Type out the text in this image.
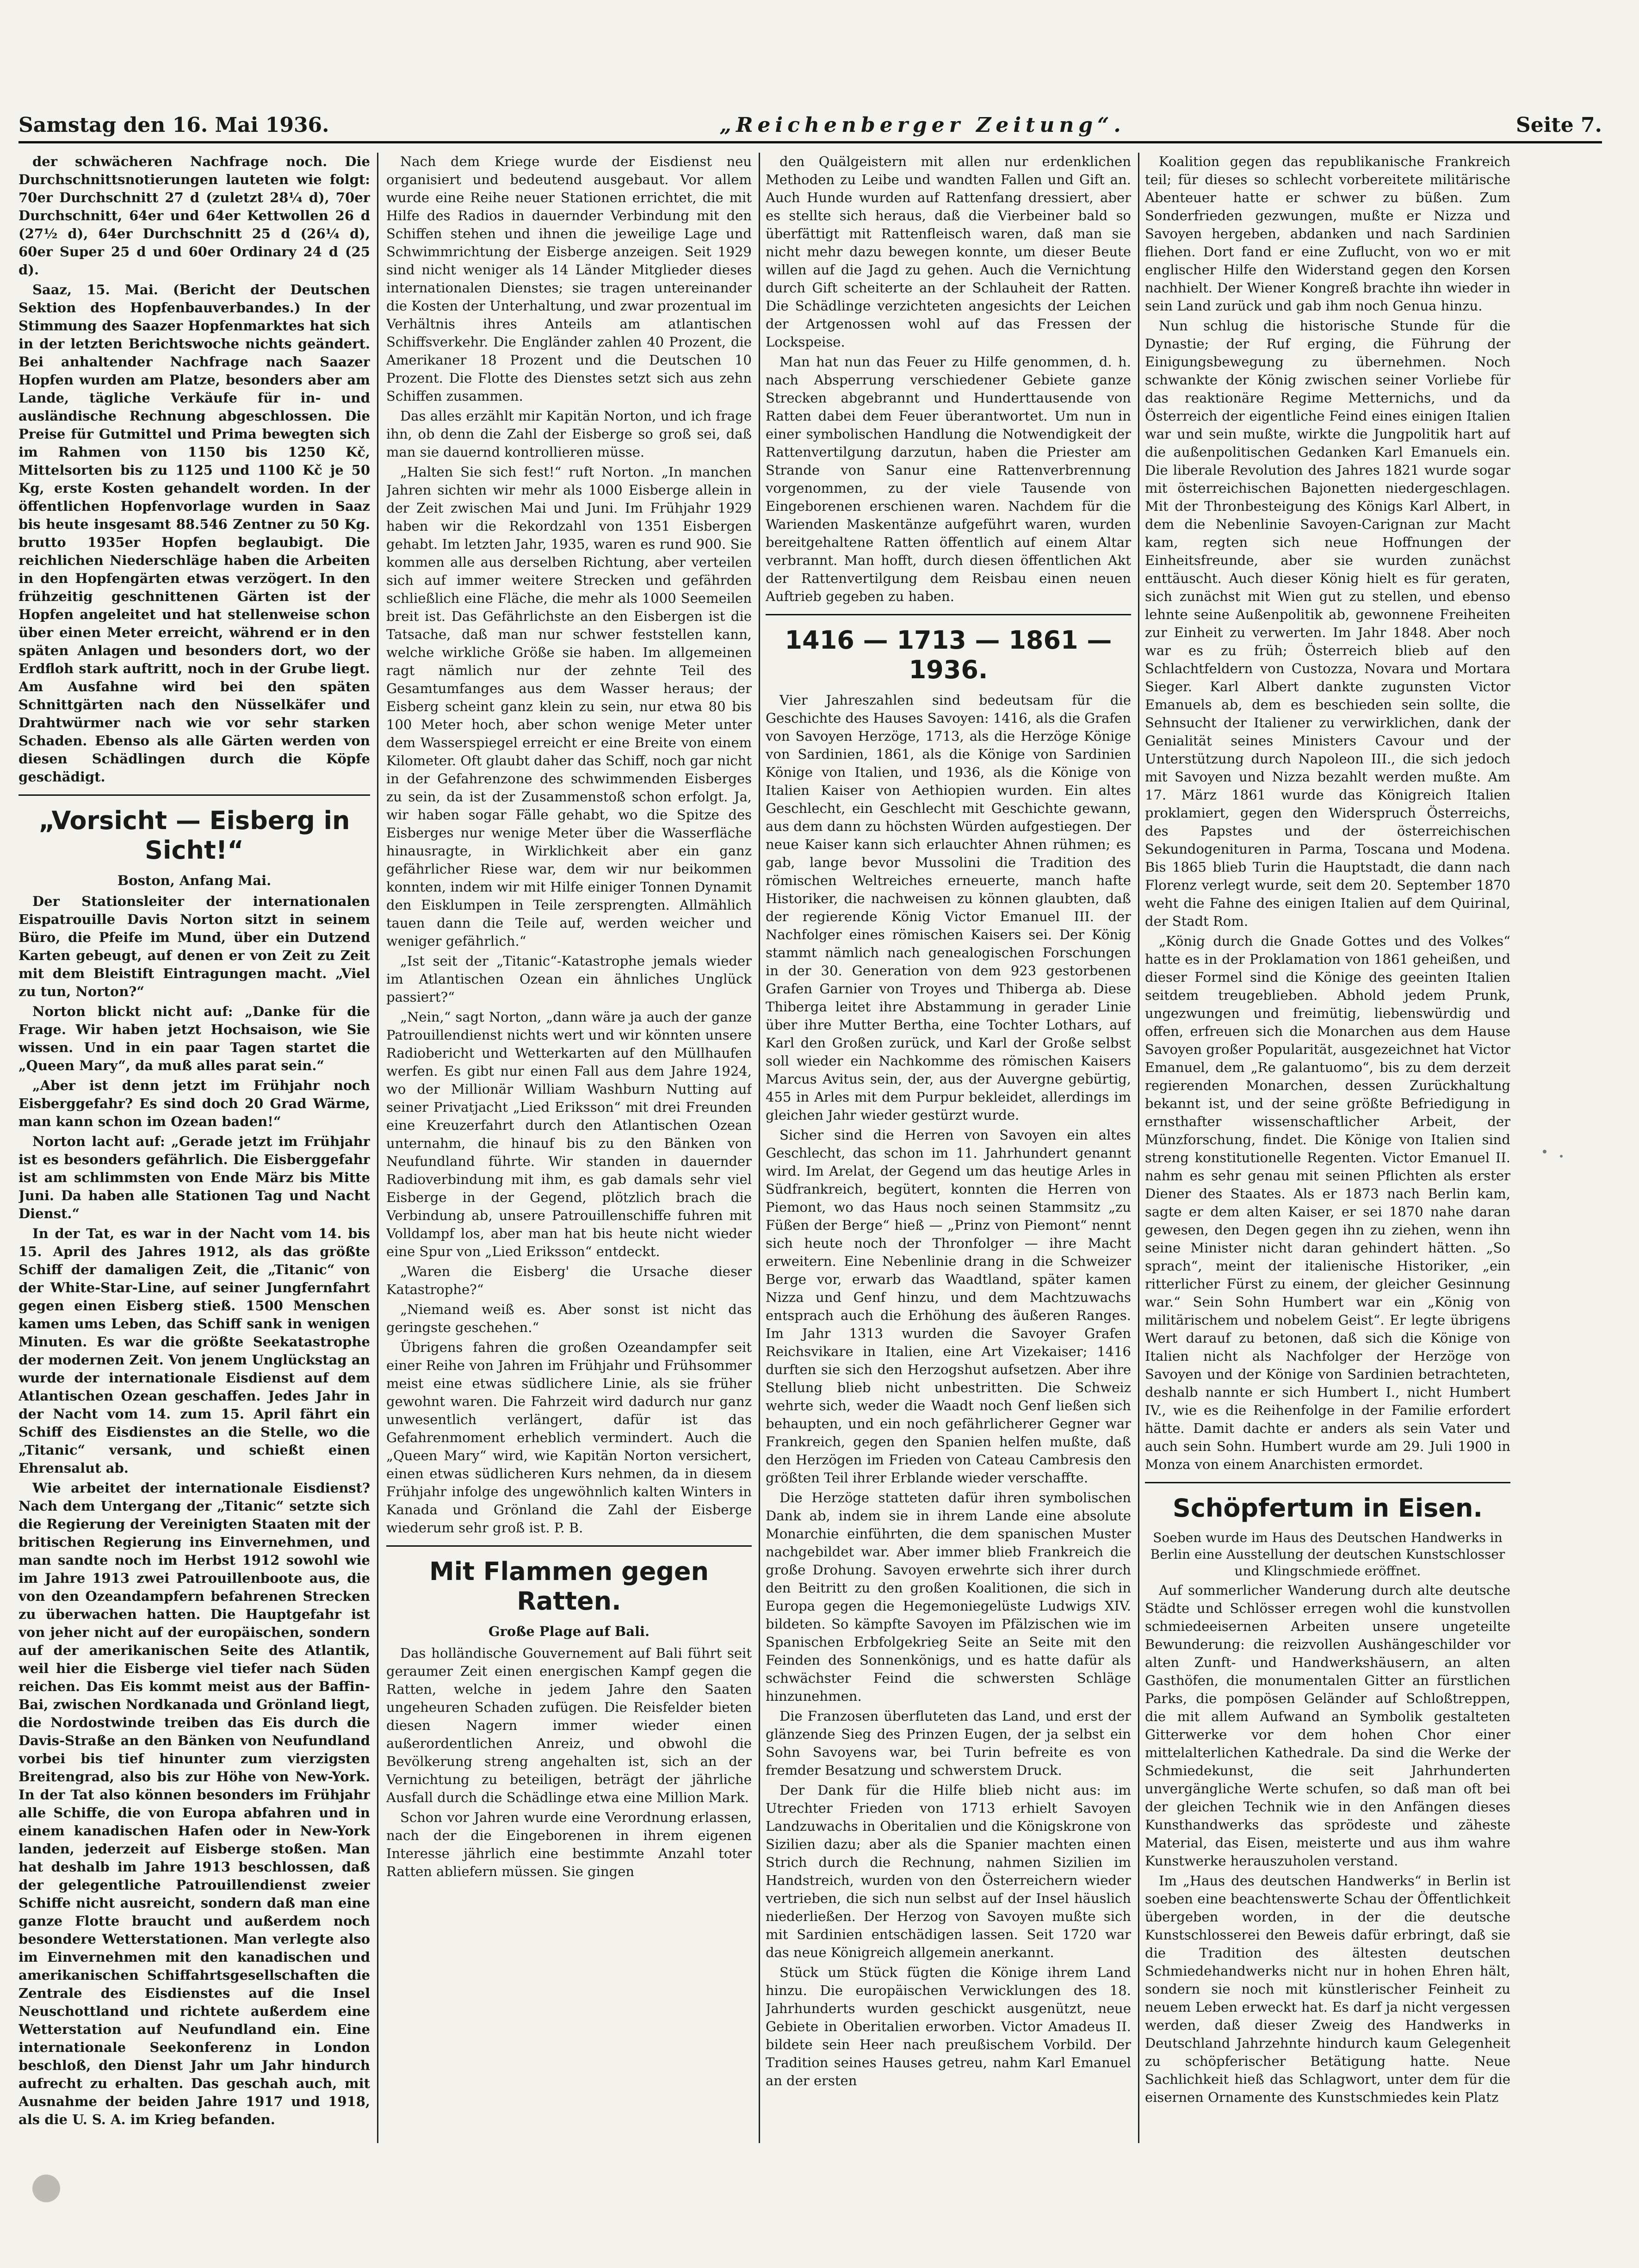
Samstag den 16. Mai 1936.	„Reichenberger Zeitung“.	Seite 7.

der schwächeren Nachfrage noch. Die Durchschnittsnotierungen lauteten wie folgt: 70er Durchschnitt 27 d (zuletzt 28¼ d), 70er Durchschnitt, 64er und 64er Kettwollen 26 d (27½ d), 64er Durchschnitt 25 d (26¼ d), 60er Super 25 d und 60er Ordinary 24 d (25 d).

Saaz, 15. Mai. (Bericht der Deutschen Sektion des Hopfenbauverbandes.) In der Stimmung des Saazer Hopfenmarktes hat sich in der letzten Berichtswoche nichts geändert. Bei anhaltender Nachfrage nach Saazer Hopfen wurden am Platze, besonders aber am Lande, tägliche Verkäufe für in- und ausländische Rechnung abgeschlossen. Die Preise für Gutmittel und Prima bewegten sich im Rahmen von 1150 bis 1250 Kč, Mittelsorten bis zu 1125 und 1100 Kč je 50 Kg, erste Kosten gehandelt worden. In der öffentlichen Hopfenvorlage wurden in Saaz bis heute insgesamt 88.546 Zentner zu 50 Kg. brutto 1935er Hopfen beglaubigt. Die reichlichen Niederschläge haben die Arbeiten in den Hopfengärten etwas verzögert. In den frühzeitig geschnittenen Gärten ist der Hopfen angeleitet und hat stellenweise schon über einen Meter erreicht, während er in den späten Anlagen und besonders dort, wo der Erdfloh stark auftritt, noch in der Grube liegt. Am Ausfahne wird bei den späten Schnittgärten nach den Nüsselkäfer und Drahtwürmer nach wie vor sehr starken Schaden. Ebenso als alle Gärten werden von diesen Schädlingen durch die Köpfe geschädigt.

„Vorsicht — Eisberg in Sicht!“

Boston, Anfang Mai.

Der Stationsleiter der internationalen Eispatrouille Davis Norton sitzt in seinem Büro, die Pfeife im Mund, über ein Dutzend Karten gebeugt, auf denen er von Zeit zu Zeit mit dem Bleistift Eintragungen macht. „Viel zu tun, Norton?“

Norton blickt nicht auf: „Danke für die Frage. Wir haben jetzt Hochsaison, wie Sie wissen. Und in ein paar Tagen startet die „Queen Mary“, da muß alles parat sein.“

„Aber ist denn jetzt im Frühjahr noch Eisberggefahr? Es sind doch 20 Grad Wärme, man kann schon im Ozean baden!“

Norton lacht auf: „Gerade jetzt im Frühjahr ist es besonders gefährlich. Die Eisberggefahr ist am schlimmsten von Ende März bis Mitte Juni. Da haben alle Stationen Tag und Nacht Dienst.“

In der Tat, es war in der Nacht vom 14. bis 15. April des Jahres 1912, als das größte Schiff der damaligen Zeit, die „Titanic“ von der White-Star-Line, auf seiner Jungfernfahrt gegen einen Eisberg stieß. 1500 Menschen kamen ums Leben, das Schiff sank in wenigen Minuten. Es war die größte Seekatastrophe der modernen Zeit. Von jenem Unglückstag an wurde der internationale Eisdienst auf dem Atlantischen Ozean geschaffen. Jedes Jahr in der Nacht vom 14. zum 15. April fährt ein Schiff des Eisdienstes an die Stelle, wo die „Titanic“ versank, und schießt einen Ehrensalut ab.

Wie arbeitet der internationale Eisdienst? Nach dem Untergang der „Titanic“ setzte sich die Regierung der Vereinigten Staaten mit der britischen Regierung ins Einvernehmen, und man sandte noch im Herbst 1912 sowohl wie im Jahre 1913 zwei Patrouillenboote aus, die von den Ozeandampfern befahrenen Strecken zu überwachen hatten. Die Hauptgefahr ist von jeher nicht auf der europäischen, sondern auf der amerikanischen Seite des Atlantik, weil hier die Eisberge viel tiefer nach Süden reichen. Das Eis kommt meist aus der Baffin-Bai, zwischen Nordkanada und Grönland liegt, die Nordostwinde treiben das Eis durch die Davis-Straße an den Bänken von Neufundland vorbei bis tief hinunter zum vierzigsten Breitengrad, also bis zur Höhe von New-York. In der Tat also können besonders im Frühjahr alle Schiffe, die von Europa abfahren und in einem kanadischen Hafen oder in New-York landen, jederzeit auf Eisberge stoßen. Man hat deshalb im Jahre 1913 beschlossen, daß der gelegentliche Patrouillendienst zweier Schiffe nicht ausreicht, sondern daß man eine ganze Flotte braucht und außerdem noch besondere Wetterstationen. Man verlegte also im Einvernehmen mit den kanadischen und amerikanischen Schiffahrtsgesellschaften die Zentrale des Eisdienstes auf die Insel Neuschottland und richtete außerdem eine Wetterstation auf Neufundland ein. Eine internationale Seekonferenz in London beschloß, den Dienst Jahr um Jahr hindurch aufrecht zu erhalten. Das geschah auch, mit Ausnahme der beiden Jahre 1917 und 1918, als die U. S. A. im Krieg befanden.

Nach dem Kriege wurde der Eisdienst neu organisiert und bedeutend ausgebaut. Vor allem wurde eine Reihe neuer Stationen errichtet, die mit Hilfe des Radios in dauernder Verbindung mit den Schiffen stehen und ihnen die jeweilige Lage und Schwimmrichtung der Eisberge anzeigen. Seit 1929 sind nicht weniger als 14 Länder Mitglieder dieses internationalen Dienstes; sie tragen untereinander die Kosten der Unterhaltung, und zwar prozentual im Verhältnis ihres Anteils am atlantischen Schiffsverkehr. Die Engländer zahlen 40 Prozent, die Amerikaner 18 Prozent und die Deutschen 10 Prozent. Die Flotte des Dienstes setzt sich aus zehn Schiffen zusammen.

Das alles erzählt mir Kapitän Norton, und ich frage ihn, ob denn die Zahl der Eisberge so groß sei, daß man sie dauernd kontrollieren müsse.

„Halten Sie sich fest!“ ruft Norton. „In manchen Jahren sichten wir mehr als 1000 Eisberge allein in der Zeit zwischen Mai und Juni. Im Frühjahr 1929 haben wir die Rekordzahl von 1351 Eisbergen gehabt. Im letzten Jahr, 1935, waren es rund 900. Sie kommen alle aus derselben Richtung, aber verteilen sich auf immer weitere Strecken und gefährden schließlich eine Fläche, die mehr als 1000 Seemeilen breit ist. Das Gefährlichste an den Eisbergen ist die Tatsache, daß man nur schwer feststellen kann, welche wirkliche Größe sie haben. Im allgemeinen ragt nämlich nur der zehnte Teil des Gesamtumfanges aus dem Wasser heraus; der Eisberg scheint ganz klein zu sein, nur etwa 80 bis 100 Meter hoch, aber schon wenige Meter unter dem Wasserspiegel erreicht er eine Breite von einem Kilometer. Oft glaubt daher das Schiff, noch gar nicht in der Gefahrenzone des schwimmenden Eisberges zu sein, da ist der Zusammenstoß schon erfolgt. Ja, wir haben sogar Fälle gehabt, wo die Spitze des Eisberges nur wenige Meter über die Wasserfläche hinausragte, in Wirklichkeit aber ein ganz gefährlicher Riese war, dem wir nur beikommen konnten, indem wir mit Hilfe einiger Tonnen Dynamit den Eisklumpen in Teile zersprengten. Allmählich tauen dann die Teile auf, werden weicher und weniger gefährlich.“

„Ist seit der „Titanic“-Katastrophe jemals wieder im Atlantischen Ozean ein ähnliches Unglück passiert?“

„Nein,“ sagt Norton, „dann wäre ja auch der ganze Patrouillendienst nichts wert und wir könnten unsere Radiobericht und Wetterkarten auf den Müllhaufen werfen. Es gibt nur einen Fall aus dem Jahre 1924, wo der Millionär William Washburn Nutting auf seiner Privatjacht „Lied Eriksson“ mit drei Freunden eine Kreuzerfahrt durch den Atlantischen Ozean unternahm, die hinauf bis zu den Bänken von Neufundland führte. Wir standen in dauernder Radioverbindung mit ihm, es gab damals sehr viel Eisberge in der Gegend, plötzlich brach die Verbindung ab, unsere Patrouillenschiffe fuhren mit Volldampf los, aber man hat bis heute nicht wieder eine Spur von „Lied Eriksson“ entdeckt.

„Waren die Eisberg' die Ursache dieser Katastrophe?“

„Niemand weiß es. Aber sonst ist nicht das geringste geschehen.“

Übrigens fahren die großen Ozeandampfer seit einer Reihe von Jahren im Frühjahr und Frühsommer meist eine etwas südlichere Linie, als sie früher gewohnt waren. Die Fahrzeit wird dadurch nur ganz unwesentlich verlängert, dafür ist das Gefahrenmoment erheblich vermindert. Auch die „Queen Mary“ wird, wie Kapitän Norton versichert, einen etwas südlicheren Kurs nehmen, da in diesem Frühjahr infolge des ungewöhnlich kalten Winters in Kanada und Grönland die Zahl der Eisberge wiederum sehr groß ist. P. B.

Mit Flammen gegen Ratten.

Große Plage auf Bali.

Das holländische Gouvernement auf Bali führt seit geraumer Zeit einen energischen Kampf gegen die Ratten, welche in jedem Jahre den Saaten ungeheuren Schaden zufügen. Die Reisfelder bieten diesen Nagern immer wieder einen außerordentlichen Anreiz, und obwohl die Bevölkerung streng angehalten ist, sich an der Vernichtung zu beteiligen, beträgt der jährliche Ausfall durch die Schädlinge etwa eine Million Mark.

Schon vor Jahren wurde eine Verordnung erlassen, nach der die Eingeborenen in ihrem eigenen Interesse jährlich eine bestimmte Anzahl toter Ratten abliefern müssen. Sie gingen

den Quälgeistern mit allen nur erdenklichen Methoden zu Leibe und wandten Fallen und Gift an. Auch Hunde wurden auf Rattenfang dressiert, aber es stellte sich heraus, daß die Vierbeiner bald so überfättigt mit Rattenfleisch waren, daß man sie nicht mehr dazu bewegen konnte, um dieser Beute willen auf die Jagd zu gehen. Auch die Vernichtung durch Gift scheiterte an der Schlauheit der Ratten. Die Schädlinge verzichteten angesichts der Leichen der Artgenossen wohl auf das Fressen der Lockspeise.

Man hat nun das Feuer zu Hilfe genommen, d. h. nach Absperrung verschiedener Gebiete ganze Strecken abgebrannt und Hunderttausende von Ratten dabei dem Feuer überantwortet. Um nun in einer symbolischen Handlung die Notwendigkeit der Rattenvertilgung darzutun, haben die Priester am Strande von Sanur eine Rattenverbrennung vorgenommen, zu der viele Tausende von Eingeborenen erschienen waren. Nachdem für die Warienden Maskentänze aufgeführt waren, wurden bereitgehaltene Ratten öffentlich auf einem Altar verbrannt. Man hofft, durch diesen öffentlichen Akt der Rattenvertilgung dem Reisbau einen neuen Auftrieb gegeben zu haben.

1416 — 1713 — 1861 — 1936.

Vier Jahreszahlen sind bedeutsam für die Geschichte des Hauses Savoyen: 1416, als die Grafen von Savoyen Herzöge, 1713, als die Herzöge Könige von Sardinien, 1861, als die Könige von Sardinien Könige von Italien, und 1936, als die Könige von Italien Kaiser von Aethiopien wurden. Ein altes Geschlecht, ein Geschlecht mit Geschichte gewann, aus dem dann zu höchsten Würden aufgestiegen. Der neue Kaiser kann sich erlauchter Ahnen rühmen; es gab, lange bevor Mussolini die Tradition des römischen Weltreiches erneuerte, manch hafte Historiker, die nachweisen zu können glaubten, daß der regierende König Victor Emanuel III. der Nachfolger eines römischen Kaisers sei. Der König stammt nämlich nach genealogischen Forschungen in der 30. Generation von dem 923 gestorbenen Grafen Garnier von Troyes und Thiberga ab. Diese Thiberga leitet ihre Abstammung in gerader Linie über ihre Mutter Bertha, eine Tochter Lothars, auf Karl den Großen zurück, und Karl der Große selbst soll wieder ein Nachkomme des römischen Kaisers Marcus Avitus sein, der, aus der Auvergne gebürtig, 455 in Arles mit dem Purpur bekleidet, allerdings im gleichen Jahr wieder gestürzt wurde.

Sicher sind die Herren von Savoyen ein altes Geschlecht, das schon im 11. Jahrhundert genannt wird. Im Arelat, der Gegend um das heutige Arles in Südfrankreich, begütert, konnten die Herren von Piemont, wo das Haus noch seinen Stammsitz „zu Füßen der Berge“ hieß — „Prinz von Piemont“ nennt sich heute noch der Thronfolger — ihre Macht erweitern. Eine Nebenlinie drang in die Schweizer Berge vor, erwarb das Waadtland, später kamen Nizza und Genf hinzu, und dem Machtzuwachs entsprach auch die Erhöhung des äußeren Ranges. Im Jahr 1313 wurden die Savoyer Grafen Reichsvikare in Italien, eine Art Vizekaiser; 1416 durften sie sich den Herzogshut aufsetzen. Aber ihre Stellung blieb nicht unbestritten. Die Schweiz wehrte sich, weder die Waadt noch Genf ließen sich behaupten, und ein noch gefährlicherer Gegner war Frankreich, gegen den Spanien helfen mußte, daß den Herzögen im Frieden von Cateau Cambresis den größten Teil ihrer Erblande wieder verschaffte.

Die Herzöge statteten dafür ihren symbolischen Dank ab, indem sie in ihrem Lande eine absolute Monarchie einführten, die dem spanischen Muster nachgebildet war. Aber immer blieb Frankreich die große Drohung. Savoyen erwehrte sich ihrer durch den Beitritt zu den großen Koalitionen, die sich in Europa gegen die Hegemoniegelüste Ludwigs XIV. bildeten. So kämpfte Savoyen im Pfälzischen wie im Spanischen Erbfolgekrieg Seite an Seite mit den Feinden des Sonnenkönigs, und es hatte dafür als schwächster Feind die schwersten Schläge hinzunehmen.

Die Franzosen überfluteten das Land, und erst der glänzende Sieg des Prinzen Eugen, der ja selbst ein Sohn Savoyens war, bei Turin befreite es von fremder Besatzung und schwerstem Druck.

Der Dank für die Hilfe blieb nicht aus: im Utrechter Frieden von 1713 erhielt Savoyen Landzuwachs in Oberitalien und die Königskrone von Sizilien dazu; aber als die Spanier machten einen Strich durch die Rechnung, nahmen Sizilien im Handstreich, wurden von den Österreichern wieder vertrieben, die sich nun selbst auf der Insel häuslich niederließen. Der Herzog von Savoyen mußte sich mit Sardinien entschädigen lassen. Seit 1720 war das neue Königreich allgemein anerkannt.

Stück um Stück fügten die Könige ihrem Land hinzu. Die europäischen Verwicklungen des 18. Jahrhunderts wurden geschickt ausgenützt, neue Gebiete in Oberitalien erworben. Victor Amadeus II. bildete sein Heer nach preußischem Vorbild. Der Tradition seines Hauses getreu, nahm Karl Emanuel an der ersten

Koalition gegen das republikanische Frankreich teil; für dieses so schlecht vorbereitete militärische Abenteuer hatte er schwer zu büßen. Zum Sonderfrieden gezwungen, mußte er Nizza und Savoyen hergeben, abdanken und nach Sardinien fliehen. Dort fand er eine Zuflucht, von wo er mit englischer Hilfe den Widerstand gegen den Korsen nachhielt. Der Wiener Kongreß brachte ihn wieder in sein Land zurück und gab ihm noch Genua hinzu.

Nun schlug die historische Stunde für die Dynastie; der Ruf erging, die Führung der Einigungsbewegung zu übernehmen. Noch schwankte der König zwischen seiner Vorliebe für das reaktionäre Regime Metternichs, und da Österreich der eigentliche Feind eines einigen Italien war und sein mußte, wirkte die Jungpolitik hart auf die außenpolitischen Gedanken Karl Emanuels ein. Die liberale Revolution des Jahres 1821 wurde sogar mit österreichischen Bajonetten niedergeschlagen. Mit der Thronbesteigung des Königs Karl Albert, in dem die Nebenlinie Savoyen-Carignan zur Macht kam, regten sich neue Hoffnungen der Einheitsfreunde, aber sie wurden zunächst enttäuscht. Auch dieser König hielt es für geraten, sich zunächst mit Wien gut zu stellen, und ebenso lehnte seine Außenpolitik ab, gewonnene Freiheiten zur Einheit zu verwerten. Im Jahr 1848. Aber noch war es zu früh; Österreich blieb auf den Schlachtfeldern von Custozza, Novara und Mortara Sieger. Karl Albert dankte zugunsten Victor Emanuels ab, dem es beschieden sein sollte, die Sehnsucht der Italiener zu verwirklichen, dank der Genialität seines Ministers Cavour und der Unterstützung durch Napoleon III., die sich jedoch mit Savoyen und Nizza bezahlt werden mußte. Am 17. März 1861 wurde das Königreich Italien proklamiert, gegen den Widerspruch Österreichs, des Papstes und der österreichischen Sekundogenituren in Parma, Toscana und Modena. Bis 1865 blieb Turin die Hauptstadt, die dann nach Florenz verlegt wurde, seit dem 20. September 1870 weht die Fahne des einigen Italien auf dem Quirinal, der Stadt Rom.

„König durch die Gnade Gottes und des Volkes“ hatte es in der Proklamation von 1861 geheißen, und dieser Formel sind die Könige des geeinten Italien seitdem treugeblieben. Abhold jedem Prunk, ungezwungen und freimütig, liebenswürdig und offen, erfreuen sich die Monarchen aus dem Hause Savoyen großer Popularität, ausgezeichnet hat Victor Emanuel, dem „Re galantuomo“, bis zu dem derzeit regierenden Monarchen, dessen Zurückhaltung bekannt ist, und der seine größte Befriedigung in ernsthafter wissenschaftlicher Arbeit, der Münzforschung, findet. Die Könige von Italien sind streng konstitutionelle Regenten. Victor Emanuel II. nahm es sehr genau mit seinen Pflichten als erster Diener des Staates. Als er 1873 nach Berlin kam, sagte er dem alten Kaiser, er sei 1870 nahe daran gewesen, den Degen gegen ihn zu ziehen, wenn ihn seine Minister nicht daran gehindert hätten. „So sprach“, meint der italienische Historiker, „ein ritterlicher Fürst zu einem, der gleicher Gesinnung war.“ Sein Sohn Humbert war ein „König von militärischem und nobelem Geist“. Er legte übrigens Wert darauf zu betonen, daß sich die Könige von Italien nicht als Nachfolger der Herzöge von Savoyen und der Könige von Sardinien betrachteten, deshalb nannte er sich Humbert I., nicht Humbert IV., wie es die Reihenfolge in der Familie erfordert hätte. Damit dachte er anders als sein Vater und auch sein Sohn. Humbert wurde am 29. Juli 1900 in Monza von einem Anarchisten ermordet.

Schöpfertum in Eisen.

Soeben wurde im Haus des Deutschen Handwerks in Berlin eine Ausstellung der deutschen Kunstschlosser und Klingschmiede eröffnet.

Auf sommerlicher Wanderung durch alte deutsche Städte und Schlösser erregen wohl die kunstvollen schmiedeeisernen Arbeiten unsere ungeteilte Bewunderung: die reizvollen Aushängeschilder vor alten Zunft- und Handwerkshäusern, an alten Gasthöfen, die monumentalen Gitter an fürstlichen Parks, die pompösen Geländer auf Schloßtreppen, die mit allem Aufwand an Symbolik gestalteten Gitterwerke vor dem hohen Chor einer mittelalterlichen Kathedrale. Da sind die Werke der Schmiedekunst, die seit Jahrhunderten unvergängliche Werte schufen, so daß man oft bei der gleichen Technik wie in den Anfängen dieses Kunsthandwerks das sprödeste und zäheste Material, das Eisen, meisterte und aus ihm wahre Kunstwerke herauszuholen verstand.

Im „Haus des deutschen Handwerks“ in Berlin ist soeben eine beachtenswerte Schau der Öffentlichkeit übergeben worden, in der die deutsche Kunstschlosserei den Beweis dafür erbringt, daß sie die Tradition des ältesten deutschen Schmiedehandwerks nicht nur in hohen Ehren hält, sondern sie noch mit künstlerischer Feinheit zu neuem Leben erweckt hat. Es darf ja nicht vergessen werden, daß dieser Zweig des Handwerks in Deutschland Jahrzehnte hindurch kaum Gelegenheit zu schöpferischer Betätigung hatte. Neue Sachlichkeit hieß das Schlagwort, unter dem für die eisernen Ornamente des Kunstschmiedes kein Platz
